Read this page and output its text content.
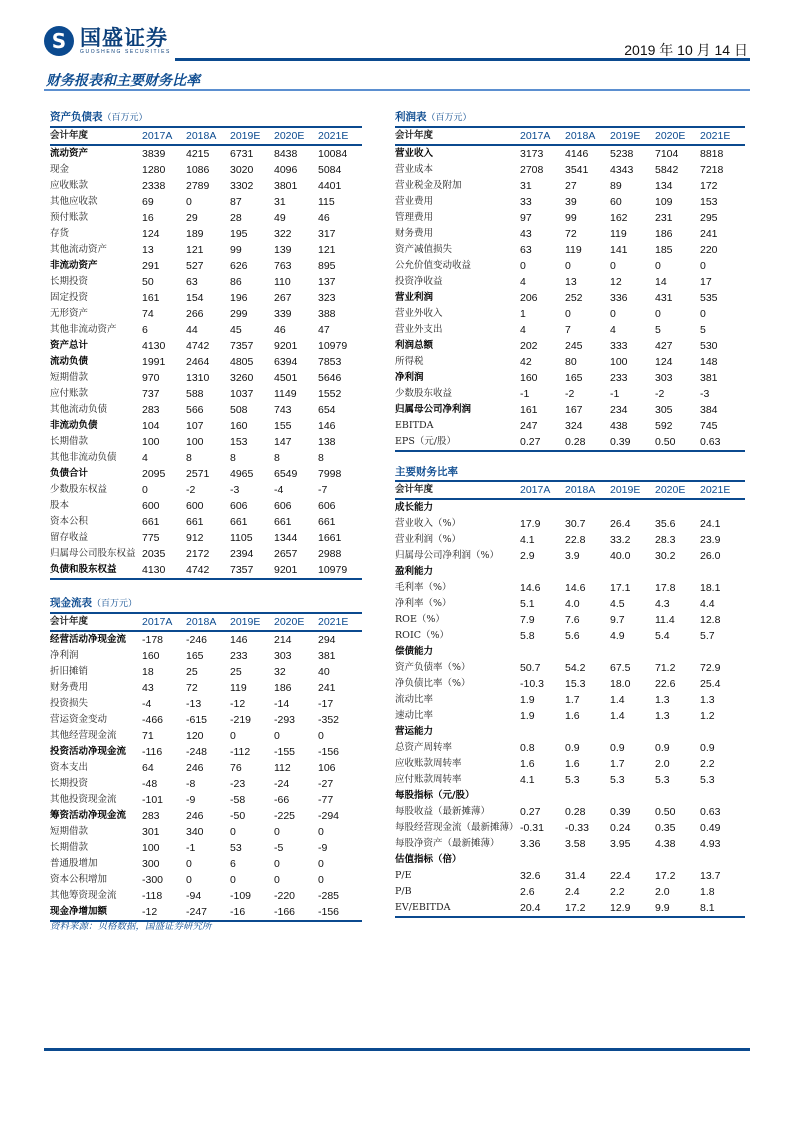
S 国盛证券
GUOSHENG SECURITIES	2019 年 10 月 14 日
财务报表和主要财务比率
资产负债表（百万元）					
会计年度	2017A	2018A	2019E	2020E	2021E
流动资产	3839	4215	6731	8438	10084
现金	1280	1086	3020	4096	5084
应收账款	2338	2789	3302	3801	4401
其他应收款	69	0	87	31	115
预付账款	16	29	28	49	46
存货	124	189	195	322	317
其他流动资产	13	121	99	139	121
非流动资产	291	527	626	763	895
长期投资	50	63	86	110	137
固定投资	161	154	196	267	323
无形资产	74	266	299	339	388
其他非流动资产	6	44	45	46	47
资产总计	4130	4742	7357	9201	10979
流动负债	1991	2464	4805	6394	7853
短期借款	970	1310	3260	4501	5646
应付账款	737	588	1037	1149	1552
其他流动负债	283	566	508	743	654
非流动负债	104	107	160	155	146
长期借款	100	100	153	147	138
其他非流动负债	4	8	8	8	8
负债合计	2095	2571	4965	6549	7998
少数股东权益	0	-2	-3	-4	-7
股本	600	600	606	606	606
资本公积	661	661	661	661	661
留存收益	775	912	1105	1344	1661
归属母公司股东权益	2035	2172	2394	2657	2988
负债和股东权益	4130	4742	7357	9201	10979
现金流表（百万元）					
会计年度	2017A	2018A	2019E	2020E	2021E
经营活动净现金流	-178	-246	146	214	294
净利润	160	165	233	303	381
折旧摊销	18	25	25	32	40
财务费用	43	72	119	186	241
投资损失	-4	-13	-12	-14	-17
营运资金变动	-466	-615	-219	-293	-352
其他经营现金流	71	120	0	0	0
投资活动净现金流	-116	-248	-112	-155	-156
资本支出	64	246	76	112	106
长期投资	-48	-8	-23	-24	-27
其他投资现金流	-101	-9	-58	-66	-77
筹资活动净现金流	283	246	-50	-225	-294
短期借款	301	340	0	0	0
长期借款	100	-1	53	-5	-9
普通股增加	300	0	6	0	0
资本公积增加	-300	0	0	0	0
其他筹资现金流	-118	-94	-109	-220	-285
现金净增加额	-12	-247	-16	-166	-156
利润表（百万元）					
会计年度	2017A	2018A	2019E	2020E	2021E
营业收入	3173	4146	5238	7104	8818
营业成本	2708	3541	4343	5842	7218
营业税金及附加	31	27	89	134	172
营业费用	33	39	60	109	153
管理费用	97	99	162	231	295
财务费用	43	72	119	186	241
资产减值损失	63	119	141	185	220
公允价值变动收益	0	0	0	0	0
投资净收益	4	13	12	14	17
营业利润	206	252	336	431	535
营业外收入	1	0	0	0	0
营业外支出	4	7	4	5	5
利润总额	202	245	333	427	530
所得税	42	80	100	124	148
净利润	160	165	233	303	381
少数股东收益	-1	-2	-1	-2	-3
归属母公司净利润	161	167	234	305	384
EBITDA	247	324	438	592	745
EPS（元/股）	0.27	0.28	0.39	0.50	0.63
主要财务比率					
会计年度	2017A	2018A	2019E	2020E	2021E
成长能力					
营业收入（%）	17.9	30.7	26.4	35.6	24.1
营业利润（%）	4.1	22.8	33.2	28.3	23.9
归属母公司净利润（%）	2.9	3.9	40.0	30.2	26.0
盈利能力					
毛利率（%）	14.6	14.6	17.1	17.8	18.1
净利率（%）	5.1	4.0	4.5	4.3	4.4
ROE（%）	7.9	7.6	9.7	11.4	12.8
ROIC（%）	5.8	5.6	4.9	5.4	5.7
偿债能力					
资产负债率（%）	50.7	54.2	67.5	71.2	72.9
净负债比率（%）	-10.3	15.3	18.0	22.6	25.4
流动比率	1.9	1.7	1.4	1.3	1.3
速动比率	1.9	1.6	1.4	1.3	1.2
营运能力					
总资产周转率	0.8	0.9	0.9	0.9	0.9
应收账款周转率	1.6	1.6	1.7	2.0	2.2
应付账款周转率	4.1	5.3	5.3	5.3	5.3
每股指标（元/股）					
每股收益（最新摊薄）	0.27	0.28	0.39	0.50	0.63
每股经营现金流（最新摊薄）	-0.31	-0.33	0.24	0.35	0.49
每股净资产（最新摊薄）	3.36	3.58	3.95	4.38	4.93
估值指标（倍）					
P/E	32.6	31.4	22.4	17.2	13.7
P/B	2.6	2.4	2.2	2.0	1.8
EV/EBITDA	20.4	17.2	12.9	9.9	8.1
资料来源：贝格数据，国盛证券研究所
